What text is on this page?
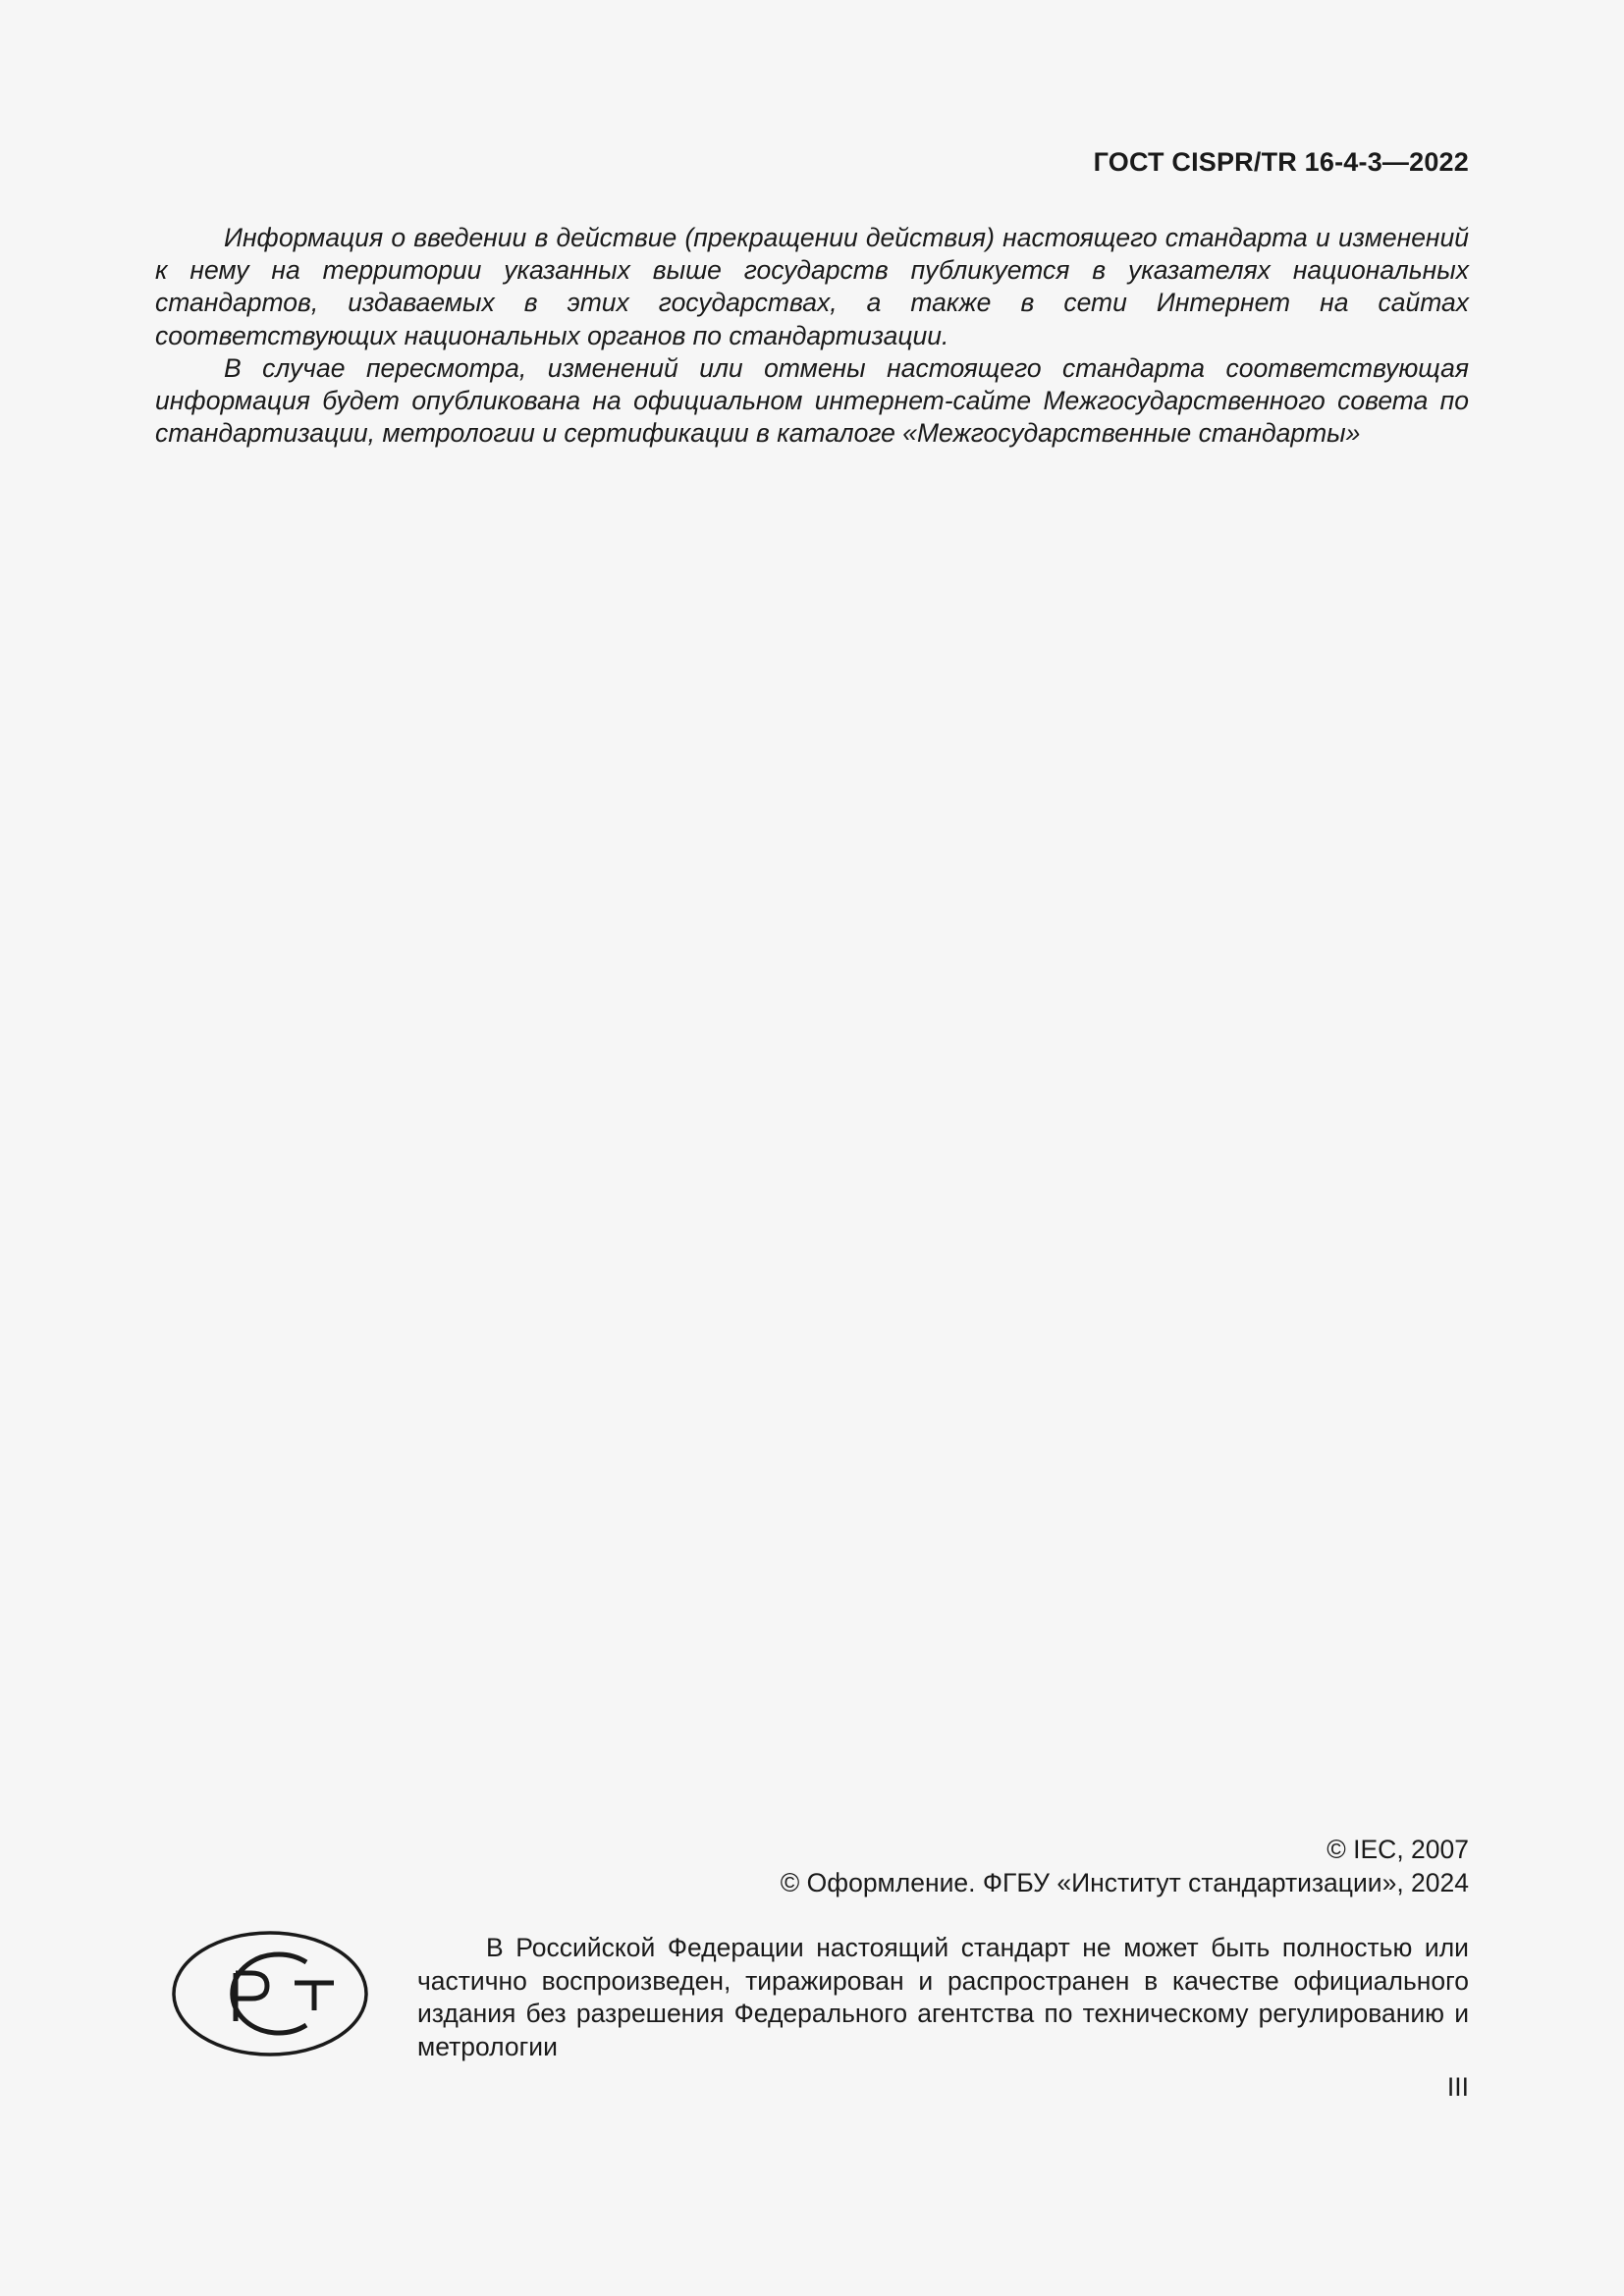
ГОСТ CISPR/TR 16-4-3—2022

Информация о введении в действие (прекращении действия) настоящего стандарта и изменений к нему на территории указанных выше государств публикуется в указателях национальных стандартов, издаваемых в этих государствах, а также в сети Интернет на сайтах соответствующих национальных органов по стандартизации.

В случае пересмотра, изменений или отмены настоящего стандарта соответствующая информация будет опубликована на официальном интернет-сайте Межгосударственного совета по стандартизации, метрологии и сертификации в каталоге «Межгосударственные стандарты»

© IEC, 2007
© Оформление. ФГБУ «Институт стандартизации», 2024

В Российской Федерации настоящий стандарт не может быть полностью или частично воспроизведен, тиражирован и распространен в качестве официального издания без разрешения Федерального агентства по техническому регулированию и метрологии

III
